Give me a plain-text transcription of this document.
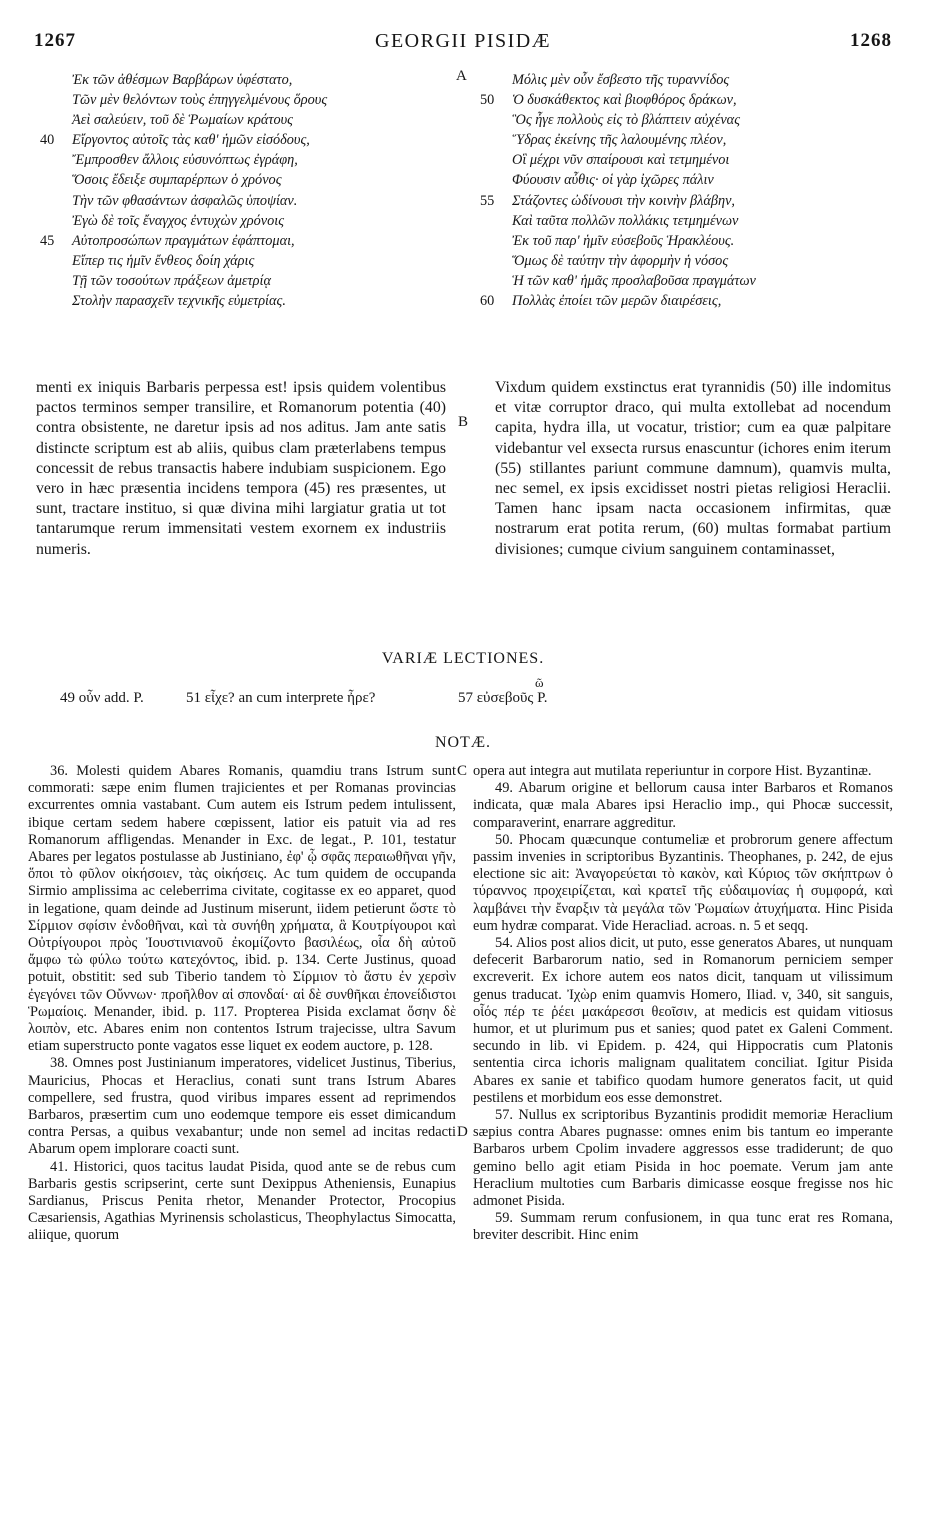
1267	GEORGII PISIDÆ	1268
Ἐκ τῶν ἀθέσμων Βαρβάρων ὑφέστατο,
Τῶν μὲν θελόντων τοὺς ἐπηγγελμένους ὅρους
Ἀεὶ σαλεύειν, τοῦ δὲ Ῥωμαίων κράτους
40	Εἴργοντος αὐτοῖς τὰς καθ' ἡμῶν εἰσόδους,
Ἔμπροσθεν ἄλλοις εὐσυνόπτως ἐγράφη,
Ὅσοις ἔδειξε συμπαρέρπων ὁ χρόνος
Τὴν τῶν φθασάντων ἀσφαλῶς ὑποψίαν.
Ἐγὼ δὲ τοῖς ἔναγχος ἐντυχὼν χρόνοις
45	Αὐτοπροσώπων πραγμάτων ἐφάπτομαι,
Εἴπερ τις ἡμῖν ἔνθεος δοίη χάρις
Τῇ τῶν τοσούτων πράξεων ἀμετρίᾳ
Στολὴν παρασχεῖν τεχνικῆς εὐμετρίας.
Μόλις μὲν οὖν ἔσβεστο τῆς τυραννίδος
50	Ὁ δυσκάθεκτος καὶ βιοφθόρος δράκων,
Ὃς ἦγε πολλοὺς εἰς τὸ βλάπτειν αὐχένας
Ὕδρας ἐκείνης τῆς λαλουμένης πλέον,
Οἳ μέχρι νῦν σπαίρουσι καὶ τετμημένοι
Φύουσιν αὖθις· οἱ γὰρ ἰχῶρες πάλιν
55	Στάζοντες ὠδίνουσι τὴν κοινὴν βλάβην,
Καὶ ταῦτα πολλῶν πολλάκις τετμημένων
Ἐκ τοῦ παρ' ἡμῖν εὐσεβοῦς Ἡρακλέους.
Ὅμως δὲ ταύτην τὴν ἀφορμὴν ἡ νόσος
Ἡ τῶν καθ' ἡμᾶς προσλαβοῦσα πραγμάτων
60	Πολλὰς ἐποίει τῶν μερῶν διαιρέσεις,
A
B
C
D
menti ex iniquis Barbaris perpessa est! ipsis quidem volentibus pactos terminos semper transilire, et Romanorum potentia (40) contra obsistente, ne daretur ipsis ad nos aditus. Jam ante satis distincte scriptum est ab aliis, quibus clam præterlabens tempus concessit de rebus transactis habere indubiam suspicionem. Ego vero in hæc præsentia incidens tempora (45) res præsentes, ut sunt, tractare instituo, si quæ divina mihi largiatur gratia ut tot tantarumque rerum immensitati vestem exornem ex industriis numeris.
Vixdum quidem exstinctus erat tyrannidis (50) ille indomitus et vitæ corruptor draco, qui multa extollebat ad nocendum capita, hydra illa, ut vocatur, tristior; cum ea quæ palpitare videbantur vel exsecta rursus enascuntur (ichores enim iterum (55) stillantes pariunt commune damnum), quamvis multa, nec semel, ex ipsis excidisset nostri pietas religiosi Heraclii. Tamen hanc ipsam nacta occasionem infirmitas, quæ nostrarum erat potita rerum, (60) multas formabat partium divisiones; cumque civium sanguinem contaminasset,
VARIÆ LECTIONES.
49 οὖν add. P.	51 εἶχε? an cum interprete ἦρε?
ῶ
57 εὐσεβοῦς P.
NOTÆ.

36. Molesti quidem Abares Romanis, quamdiu trans Istrum sunt commorati: sæpe enim flumen trajicientes et per Romanas provincias excurrentes omnia vastabant. Cum autem eis Istrum pedem intulissent, ibique certam sedem habere cœpissent, latior eis patuit via ad res Romanorum affligendas. Menander in Exc. de legat., P. 101, testatur Abares per legatos postulasse ab Justiniano, ἐφ' ᾧ σφᾶς περαιωθῆναι γῆν, ὅποι τὸ φῦλον οἰκήσοιεν, τὰς οἰκήσεις. Ac tum quidem de occupanda Sirmio amplissima ac celeberrima civitate, cogitasse ex eo apparet, quod in legatione, quam deinde ad Justinum miserunt, iidem petierunt ὥστε τὸ Σίρμιον σφίσιν ἐνδοθῆναι, καὶ τὰ συνήθη χρήματα, ἃ Κουτρίγουροι καὶ Οὐτρίγουροι πρὸς Ἰουστινιανοῦ ἐκομίζοντο βασιλέως, οἷα δὴ αὐτοῦ ἄμφω τὼ φύλω τούτω κατεχόντος, ibid. p. 134. Certe Justinus, quoad potuit, obstitit: sed sub Tiberio tandem τὸ Σίρμιον τὸ ἄστυ ἐν χερσὶν ἐγεγόνει τῶν Οὔννων· προῆλθον αἱ σπονδαί· αἱ δὲ συνθῆκαι ἐπονείδιστοι Ῥωμαίοις. Menander, ibid. p. 117. Propterea Pisida exclamat ὅσην δὲ λοιπὸν, etc. Abares enim non contentos Istrum trajecisse, ultra Savum etiam superstructo ponte vagatos esse liquet ex eodem auctore, p. 128.

38. Omnes post Justinianum imperatores, videlicet Justinus, Tiberius, Mauricius, Phocas et Heraclius, conati sunt trans Istrum Abares compellere, sed frustra, quod viribus impares essent ad reprimendos Barbaros, præsertim cum uno eodemque tempore eis esset dimicandum contra Persas, a quibus vexabantur; unde non semel ad incitas redacti Abarum opem implorare coacti sunt.

41. Historici, quos tacitus laudat Pisida, quod ante se de rebus cum Barbaris gestis scripserint, certe sunt Dexippus Atheniensis, Eunapius Sardianus, Priscus Penita rhetor, Menander Protector, Procopius Cæsariensis, Agathias Myrinensis scholasticus, Theophylactus Simocatta, aliique, quorum

opera aut integra aut mutilata reperiuntur in corpore Hist. Byzantinæ.

49. Abarum origine et bellorum causa inter Barbaros et Romanos indicata, quæ mala Abares ipsi Heraclio imp., qui Phocæ successit, comparaverint, enarrare aggreditur.

50. Phocam quæcunque contumeliæ et probrorum genere affectum passim invenies in scriptoribus Byzantinis. Theophanes, p. 242, de ejus electione sic ait: Ἀναγορεύεται τὸ κακὸν, καὶ Κύριος τῶν σκήπτρων ὁ τύραννος προχειρίζεται, καὶ κρατεῖ τῆς εὐδαιμονίας ἡ συμφορά, καὶ λαμβάνει τὴν ἔναρξιν τὰ μεγάλα τῶν Ῥωμαίων ἀτυχήματα. Hinc Pisida eum hydræ comparat. Vide Heracliad. acroas. n. 5 et seqq.

54. Alios post alios dicit, ut puto, esse generatos Abares, ut nunquam defecerit Barbarorum natio, sed in Romanorum perniciem semper excreverit. Ex ichore autem eos natos dicit, tanquam ut vilissimum genus traducat. Ἰχὼρ enim quamvis Homero, Iliad. v, 340, sit sanguis, οἷός πέρ τε ῥέει μακάρεσσι θεοῖσιν, at medicis est quidam vitiosus humor, et ut plurimum pus et sanies; quod patet ex Galeni Comment. secundo in lib. vi Epidem. p. 424, qui Hippocratis cum Platonis sententia circa ichoris malignam qualitatem conciliat. Igitur Pisida Abares ex sanie et tabifico quodam humore generatos facit, ut quid pestilens et morbidum eos esse demonstret.

57. Nullus ex scriptoribus Byzantinis prodidit memoriæ Heraclium sæpius contra Abares pugnasse: omnes enim bis tantum eo imperante Barbaros urbem Cpolim invadere aggressos esse tradiderunt; de quo gemino bello agit etiam Pisida in hoc poemate. Verum jam ante Heraclium multoties cum Barbaris dimicasse eosque fregisse nos hic admonet Pisida.

59. Summam rerum confusionem, in qua tunc erat res Romana, breviter describit. Hinc enim
